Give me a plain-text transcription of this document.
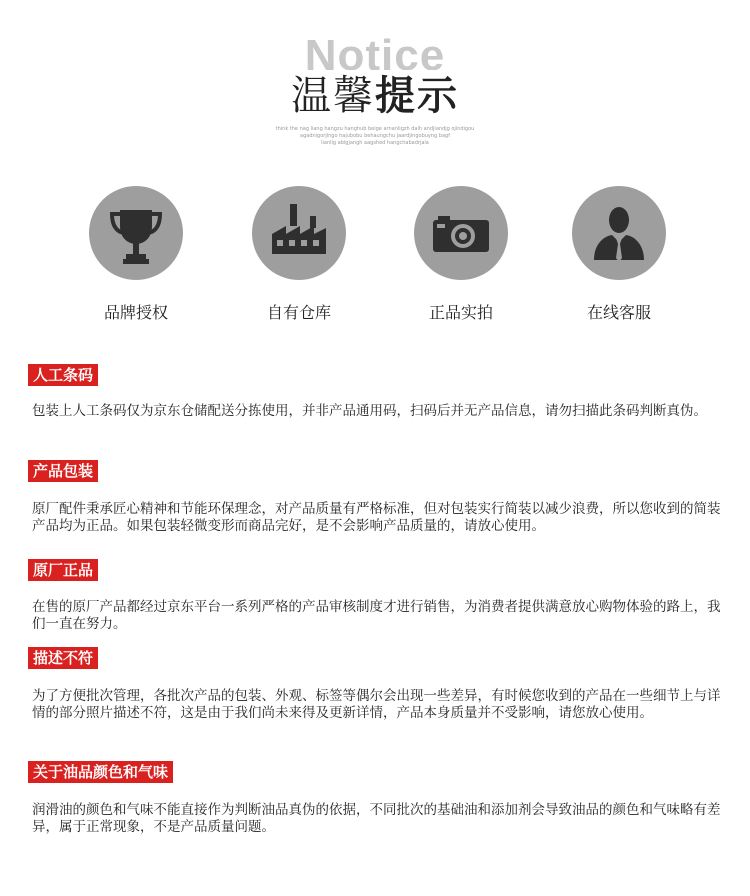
Notice
温馨提示
think the nag liang hangzu hanghub beige arnanligzh daih andjiandjg ojindigou
agadnigorjingo hajubobu behaungchu jaardjingobuyng bagf
lianlig abigjangh aagshed hangchabadrjaia
品牌授权	自有仓库	正品实拍	在线客服
人工条码
包装上人工条码仅为京东仓储配送分拣使用，并非产品通用码，扫码后并无产品信息，请勿扫描此条码判断真伪。
产品包装
原厂配件秉承匠心精神和节能环保理念，对产品质量有严格标准，但对包装实行简装以减少浪费，所以您收到的简装产品均为正品。如果包装轻微变形而商品完好，是不会影响产品质量的，请放心使用。
原厂正品
在售的原厂产品都经过京东平台一系列严格的产品审核制度才进行销售，为消费者提供满意放心购物体验的路上，我们一直在努力。
描述不符
为了方便批次管理，各批次产品的包装、外观、标签等偶尔会出现一些差异，有时候您收到的产品在一些细节上与详情的部分照片描述不符，这是由于我们尚未来得及更新详情，产品本身质量并不受影响，请您放心使用。
关于油品颜色和气味
润滑油的颜色和气味不能直接作为判断油品真伪的依据，不同批次的基础油和添加剂会导致油品的颜色和气味略有差异，属于正常现象，不是产品质量问题。
